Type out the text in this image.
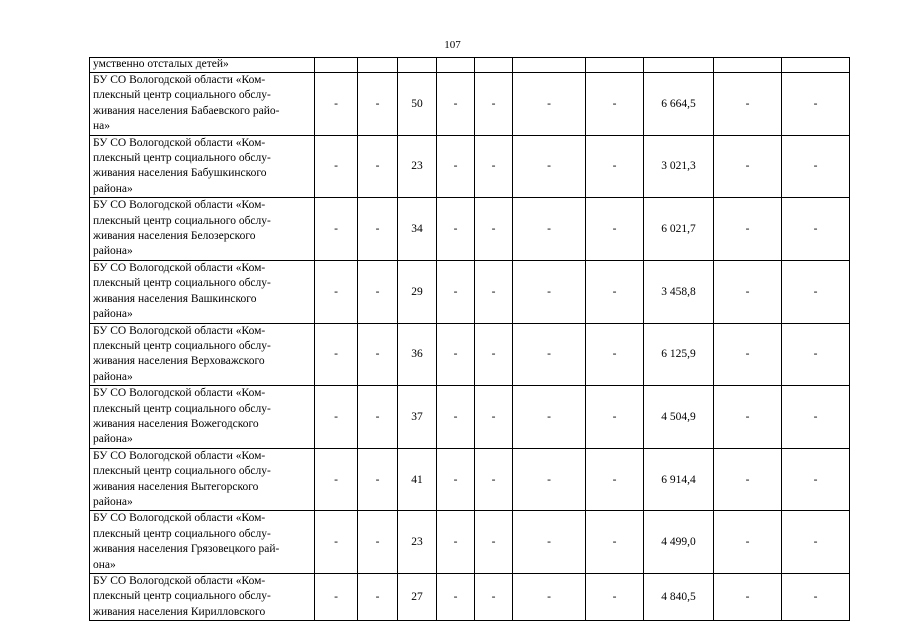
107
умственно отсталых детей»										

БУ СО Вологодской области «Ком-
плексный центр социального обслу-
живания населения Бабаевского райо-
на»	-	-	50	-	-	-	-	6 664,5	-	-

БУ СО Вологодской области «Ком-
плексный центр социального обслу-
живания населения Бабушкинского
района»	-	-	23	-	-	-	-	3 021,3	-	-

БУ СО Вологодской области «Ком-
плексный центр социального обслу-
живания населения Белозерского
района»	-	-	34	-	-	-	-	6 021,7	-	-

БУ СО Вологодской области «Ком-
плексный центр социального обслу-
живания населения Вашкинского
района»	-	-	29	-	-	-	-	3 458,8	-	-

БУ СО Вологодской области «Ком-
плексный центр социального обслу-
живания населения Верховажского
района»	-	-	36	-	-	-	-	6 125,9	-	-

БУ СО Вологодской области «Ком-
плексный центр социального обслу-
живания населения Вожегодского
района»	-	-	37	-	-	-	-	4 504,9	-	-

БУ СО Вологодской области «Ком-
плексный центр социального обслу-
живания населения Вытегорского
района»	-	-	41	-	-	-	-	6 914,4	-	-

БУ СО Вологодской области «Ком-
плексный центр социального обслу-
живания населения Грязовецкого рай-
она»	-	-	23	-	-	-	-	4 499,0	-	-

БУ СО Вологодской области «Ком-
плексный центр социального обслу-
живания населения Кирилловского	-	-	27	-	-	-	-	4 840,5	-	-
